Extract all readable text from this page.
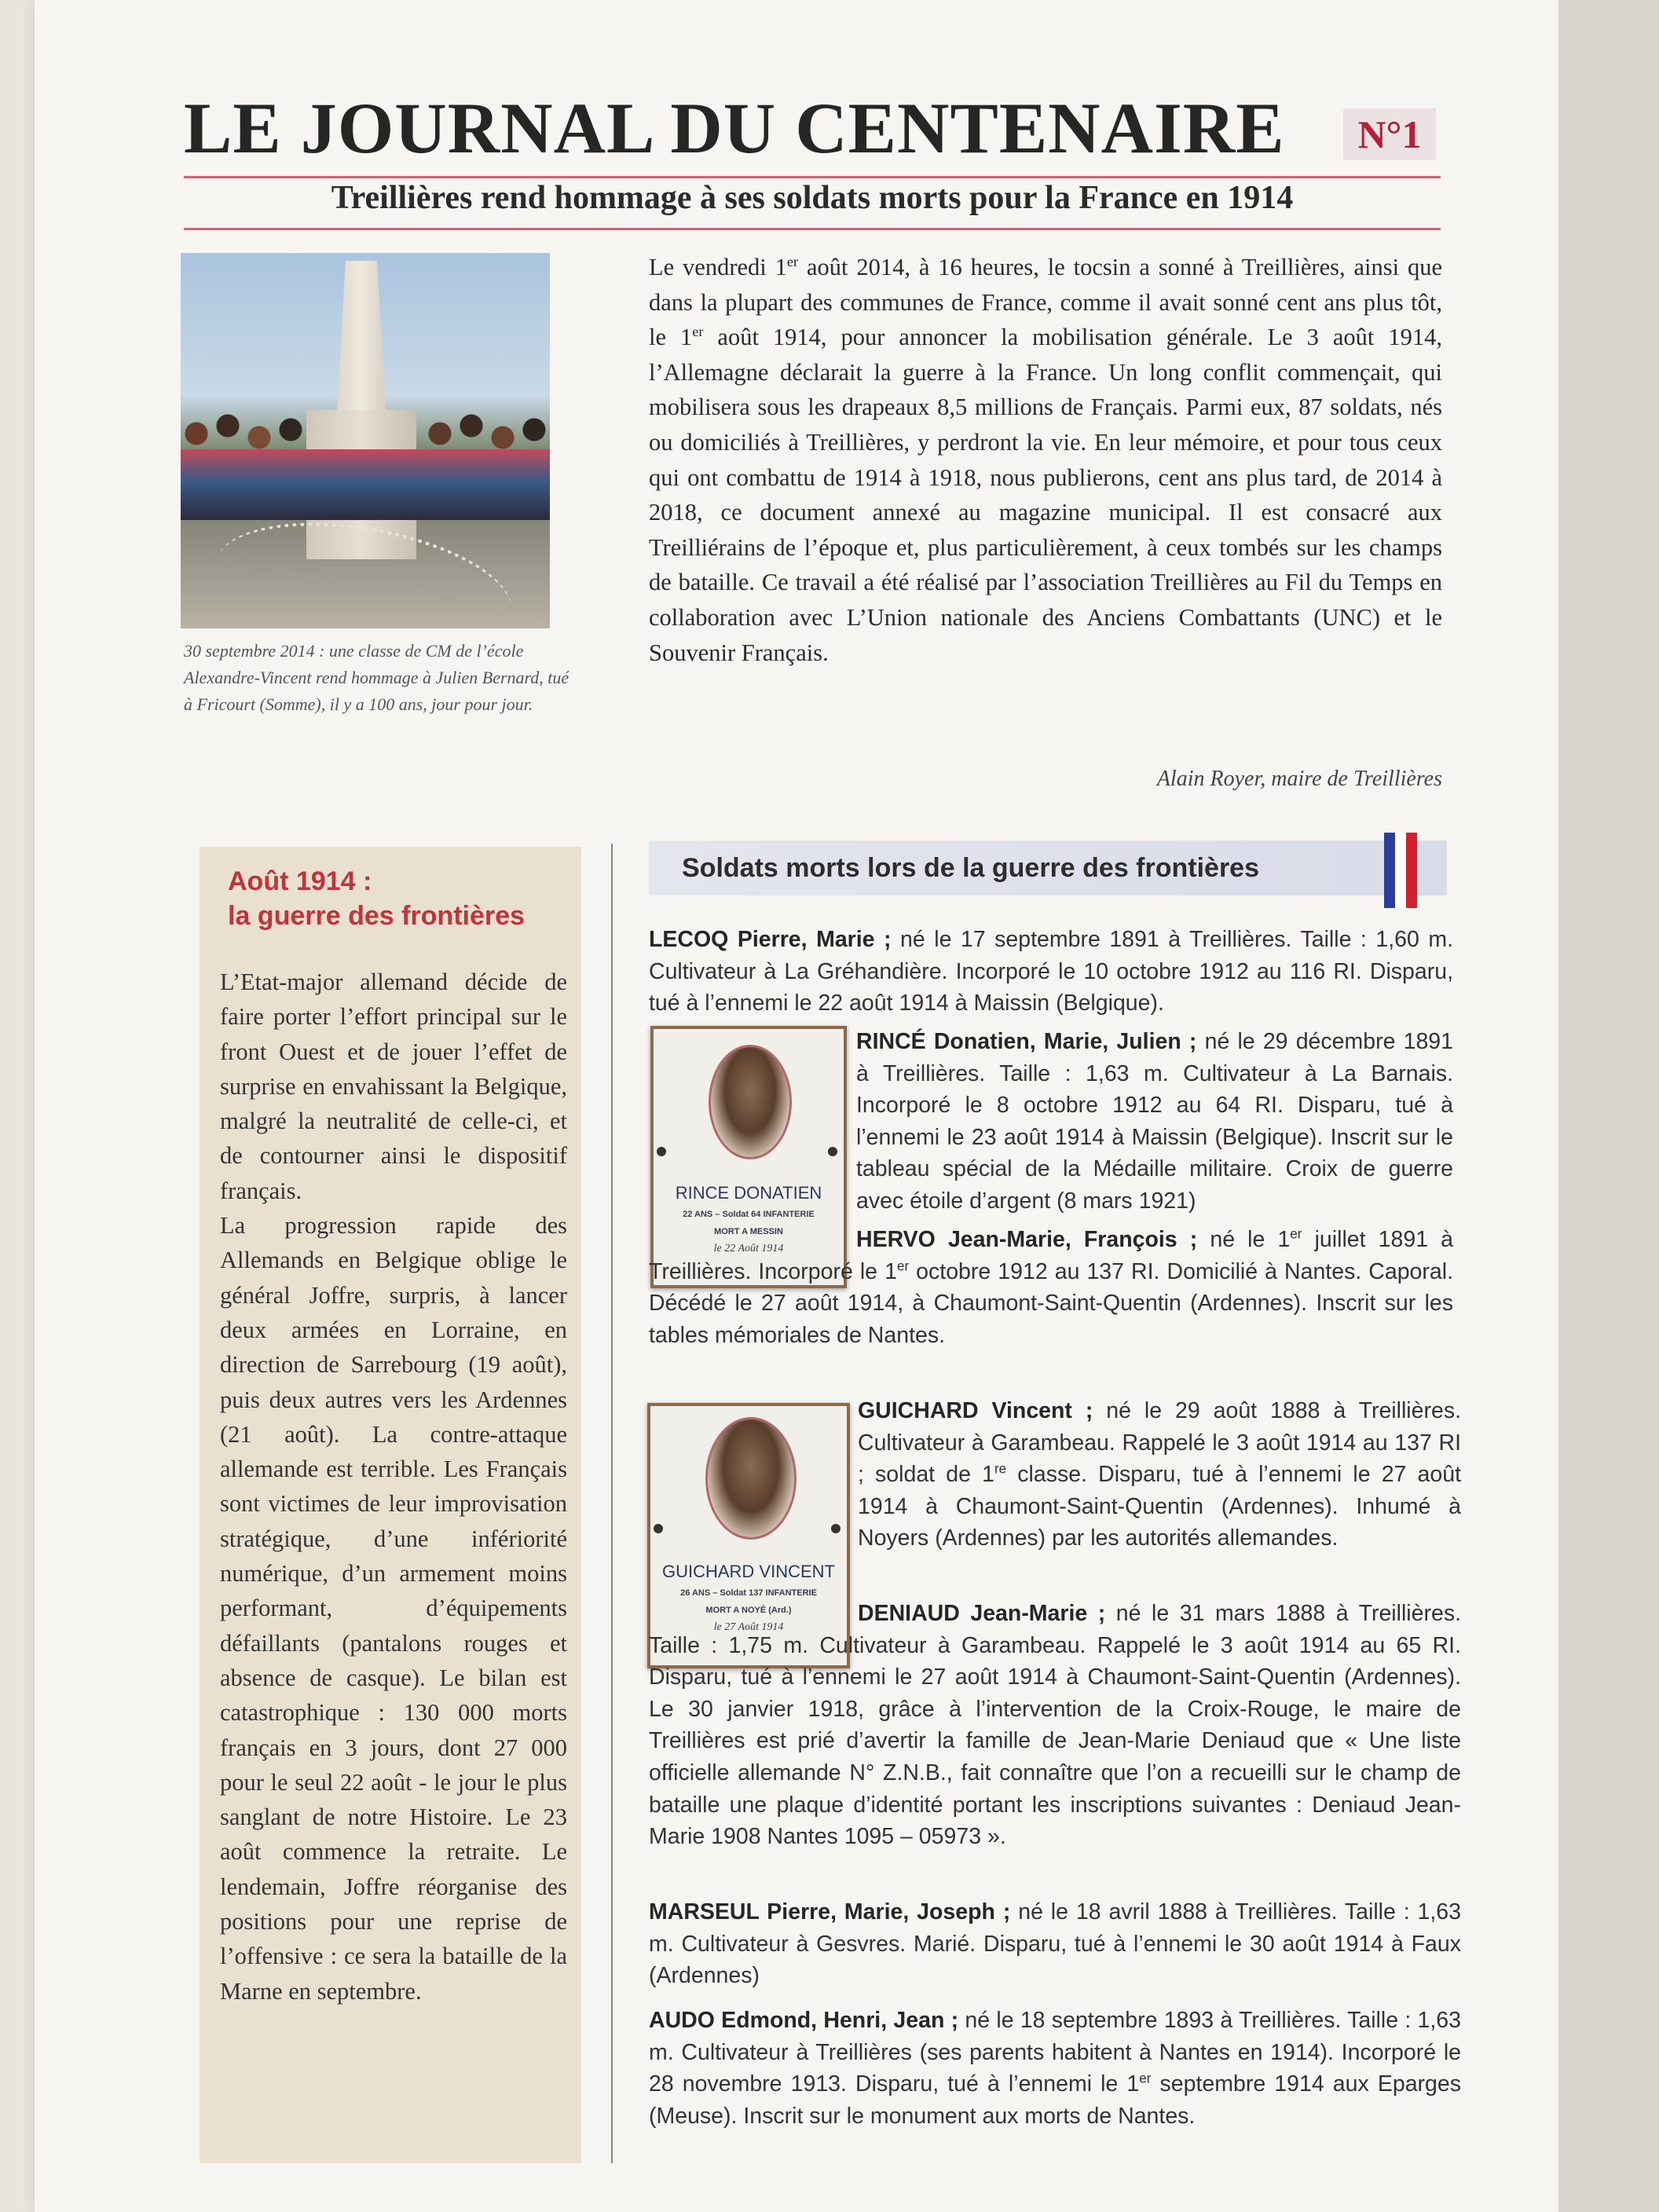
LE JOURNAL DU CENTENAIRE	N°1
Treillières rend hommage à ses soldats morts pour la France en 1914
30 septembre 2014 : une classe de CM de l’école Alexandre-Vincent rend hommage à Julien Bernard, tué à Fricourt (Somme), il y a 100 ans, jour pour jour.
Le vendredi 1er août 2014, à 16 heures, le tocsin a sonné à Treillières, ainsi que dans la plupart des communes de France, comme il avait sonné cent ans plus tôt, le 1er août 1914, pour annoncer la mobilisation générale. Le 3 août 1914, l’Allemagne déclarait la guerre à la France. Un long conflit commençait, qui mobilisera sous les drapeaux 8,5 millions de Français. Parmi eux, 87 soldats, nés ou domiciliés à Treillières, y perdront la vie. En leur mémoire, et pour tous ceux qui ont combattu de 1914 à 1918, nous publierons, cent ans plus tard, de 2014 à 2018, ce document annexé au magazine municipal. Il est consacré aux Treilliérains de l’époque et, plus particulièrement, à ceux tombés sur les champs de bataille. Ce travail a été réalisé par l’association Treillières au Fil du Temps en collaboration avec L’Union nationale des Anciens Combattants (UNC) et le Souvenir Français.
Alain Royer, maire de Treillières
Août 1914 :
la guerre des frontières

L’Etat-major allemand décide de faire porter l’effort principal sur le front Ouest et de jouer l’effet de surprise en envahissant la Belgique, malgré la neutralité de celle-ci, et de contourner ainsi le dispositif français.

La progression rapide des Allemands en Belgique oblige le général Joffre, surpris, à lancer deux armées en Lorraine, en direction de Sarrebourg (19 août), puis deux autres vers les Ardennes (21 août). La contre-attaque allemande est terrible. Les Français sont victimes de leur improvisation stratégique, d’une infériorité numérique, d’un armement moins performant, d’équipements défaillants (pantalons rouges et absence de casque). Le bilan est catastrophique : 130 000 morts français en 3 jours, dont 27 000 pour le seul 22 août - le jour le plus sanglant de notre Histoire. Le 23 août commence la retraite. Le lendemain, Joffre réorganise des positions pour une reprise de l’offensive : ce sera la bataille de la Marne en septembre.

Soldats morts lors de la guerre des frontières
LECOQ Pierre, Marie ; né le 17 septembre 1891 à Treillières. Taille : 1,60 m. Cultivateur à La Gréhandière. Incorporé le 10 octobre 1912 au 116 RI. Disparu, tué à l’ennemi le 22 août 1914 à Maissin (Belgique).
RINCE DONATIEN
22 ANS – Soldat 64 INFANTERIE
MORT A MESSIN
le 22 Août 1914
RINCÉ Donatien, Marie, Julien ; né le 29 décembre 1891 à Treillières. Taille : 1,63 m. Cultivateur à La Barnais. Incorporé le 8 octobre 1912 au 64 RI. Disparu, tué à l’ennemi le 23 août 1914 à Maissin (Belgique). Inscrit sur le tableau spécial de la Médaille militaire. Croix de guerre avec étoile d’argent (8 mars 1921)
HERVO Jean-Marie, François ; né le 1er juillet 1891 à Treillières. Incorporé le 1er octobre 1912 au 137 RI. Domicilié à Nantes. Caporal. Décédé le 27 août 1914, à Chaumont-Saint-Quentin (Ardennes). Inscrit sur les tables mémoriales de Nantes.
GUICHARD VINCENT
26 ANS – Soldat 137 INFANTERIE
MORT A NOYÉ (Ard.)
le 27 Août 1914
GUICHARD Vincent ; né le 29 août 1888 à Treillières. Cultivateur à Garambeau. Rappelé le 3 août 1914 au 137 RI ; soldat de 1re classe. Disparu, tué à l’ennemi le 27 août 1914 à Chaumont-Saint-Quentin (Ardennes). Inhumé à Noyers (Ardennes) par les autorités allemandes.
DENIAUD Jean-Marie ; né le 31 mars 1888 à Treillières. Taille : 1,75 m. Cultivateur à Garambeau. Rappelé le 3 août 1914 au 65 RI. Disparu, tué à l’ennemi le 27 août 1914 à Chaumont-Saint-Quentin (Ardennes). Le 30 janvier 1918, grâce à l’intervention de la Croix-Rouge, le maire de Treillières est prié d’avertir la famille de Jean-Marie Deniaud que « Une liste officielle allemande N° Z.N.B., fait connaître que l’on a recueilli sur le champ de bataille une plaque d’identité portant les inscriptions suivantes : Deniaud Jean-Marie 1908 Nantes 1095 – 05973 ».
MARSEUL Pierre, Marie, Joseph ; né le 18 avril 1888 à Treillières. Taille : 1,63 m. Cultivateur à Gesvres. Marié. Disparu, tué à l’ennemi le 30 août 1914 à Faux (Ardennes)
AUDO Edmond, Henri, Jean ; né le 18 septembre 1893 à Treillières. Taille : 1,63 m. Cultivateur à Treillières (ses parents habitent à Nantes en 1914). Incorporé le 28 novembre 1913. Disparu, tué à l’ennemi le 1er septembre 1914 aux Eparges (Meuse). Inscrit sur le monument aux morts de Nantes.
